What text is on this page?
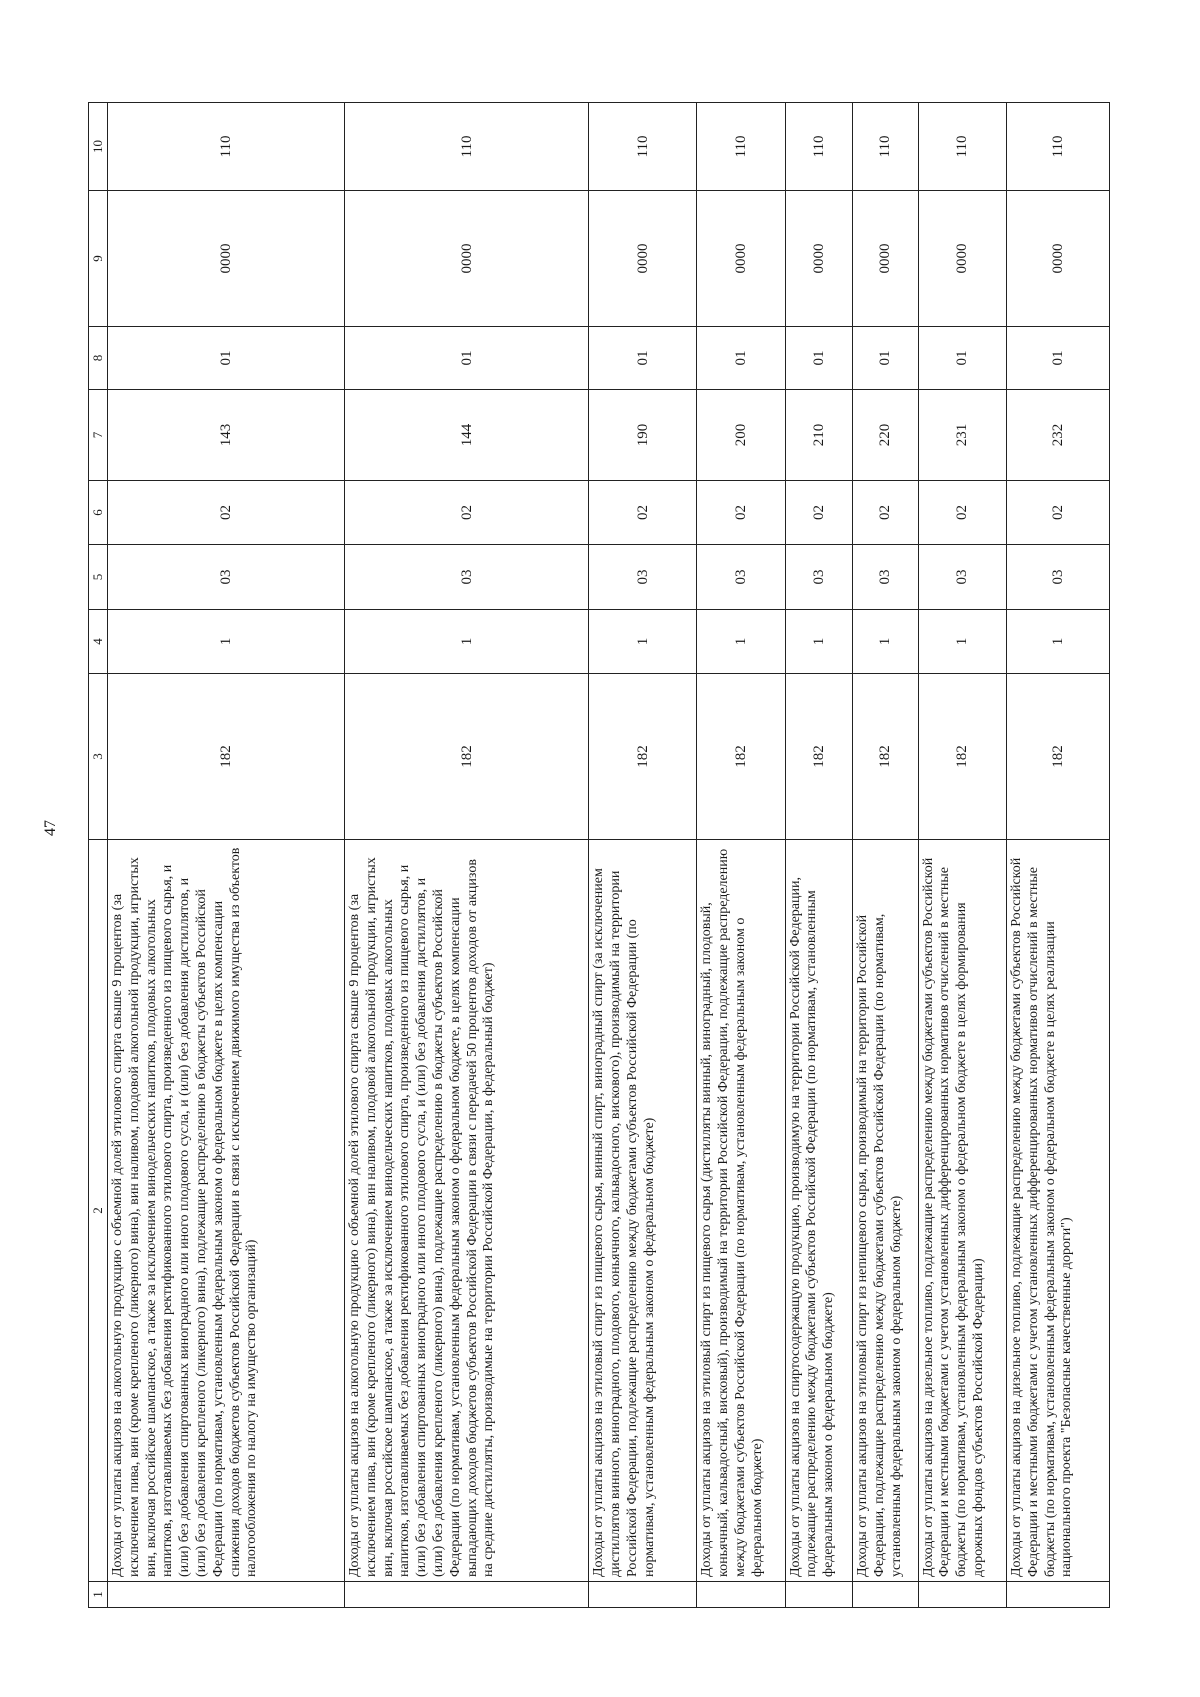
47
1	2	3	4	5	6	7	8	9	10
	Доходы от уплаты акцизов на алкогольную продукцию с объемной долей этилового спирта свыше 9 процентов (за исключением пива, вин (кроме крепленого (ликерного) вина), вин наливом, плодовой алкогольной продукции, игристых вин, включая российское шампанское, а также за исключением винодельческих напитков, плодовых алкогольных напитков, изготавливаемых без добавления ректификованного этилового спирта, произведенного из пищевого сырья, и (или) без добавления спиртованных виноградного или иного плодового сусла, и (или) без добавления дистиллятов, и (или) без добавления крепленого (ликерного) вина), подлежащие распределению в бюджеты субъектов Российской Федерации (по нормативам, установленным федеральным законом о федеральном бюджете в целях компенсации снижения доходов бюджетов субъектов Российской Федерации в связи с исключением движимого имущества из объектов налогообложения по налогу на имущество организаций)	182	1	03	02	143	01	0000	110
	Доходы от уплаты акцизов на алкогольную продукцию с объемной долей этилового спирта свыше 9 процентов (за исключением пива, вин (кроме крепленого (ликерного) вина), вин наливом, плодовой алкогольной продукции, игристых вин, включая российское шампанское, а также за исключением винодельческих напитков, плодовых алкогольных напитков, изготавливаемых без добавления ректификованного этилового спирта, произведенного из пищевого сырья, и (или) без добавления спиртованных виноградного или иного плодового сусла, и (или) без добавления дистиллятов, и (или) без добавления крепленого (ликерного) вина), подлежащие распределению в бюджеты субъектов Российской Федерации (по нормативам, установленным федеральным законом о федеральном бюджете, в целях компенсации выпадающих доходов бюджетов субъектов Российской Федерации в связи с передачей 50 процентов доходов от акцизов на средние дистилляты, производимые на территории Российской Федерации, в федеральный бюджет)	182	1	03	02	144	01	0000	110
	Доходы от уплаты акцизов на этиловый спирт из пищевого сырья, винный спирт, виноградный спирт (за исключением дистиллятов винного, виноградного, плодового, коньячного, кальвадосного, вискового), производимый на территории Российской Федерации, подлежащие распределению между бюджетами субъектов Российской Федерации (по нормативам, установленным федеральным законом о федеральном бюджете)	182	1	03	02	190	01	0000	110
	Доходы от уплаты акцизов на этиловый спирт из пищевого сырья (дистилляты винный, виноградный, плодовый, коньячный, кальвадосный, висковый), производимый на территории Российской Федерации, подлежащие распределению между бюджетами субъектов Российской Федерации (по нормативам, установленным федеральным законом о федеральном бюджете)	182	1	03	02	200	01	0000	110
	Доходы от уплаты акцизов на спиртосодержащую продукцию, производимую на территории Российской Федерации, подлежащие распределению между бюджетами субъектов Российской Федерации (по нормативам, установленным федеральным законом о федеральном бюджете)	182	1	03	02	210	01	0000	110
	Доходы от уплаты акцизов на этиловый спирт из непищевого сырья, производимый на территории Российской Федерации, подлежащие распределению между бюджетами субъектов Российской Федерации (по нормативам, установленным федеральным законом о федеральном бюджете)	182	1	03	02	220	01	0000	110
	Доходы от уплаты акцизов на дизельное топливо, подлежащие распределению между бюджетами субъектов Российской Федерации и местными бюджетами с учетом установленных дифференцированных нормативов отчислений в местные бюджеты (по нормативам, установленным федеральным законом о федеральном бюджете в целях формирования дорожных фондов субъектов Российской Федерации)	182	1	03	02	231	01	0000	110
	Доходы от уплаты акцизов на дизельное топливо, подлежащие распределению между бюджетами субъектов Российской Федерации и местными бюджетами с учетом установленных дифференцированных нормативов отчислений в местные бюджеты (по нормативам, установленным федеральным законом о федеральном бюджете в целях реализации национального проекта "Безопасные качественные дороги")	182	1	03	02	232	01	0000	110
